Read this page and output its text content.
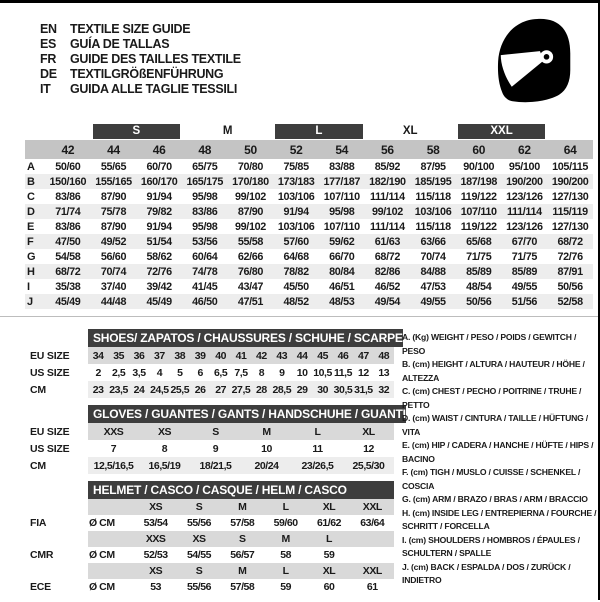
EN	TEXTILE SIZE GUIDE
ES	GUÍA DE TALLAS
FR	GUIDE DES TAILLES TEXTILE
DE	TEXTILGRÖßENFÜHRUNG
IT	GUIDA ALLE TAGLIE TESSILI

		S		M		L		XL		XXL		

	42	44	46	48	50	52	54	56	58	60	62	64
A	50/60	55/65	60/70	65/75	70/80	75/85	83/88	85/92	87/95	90/100	95/100	105/115
B	150/160	155/165	160/170	165/175	170/180	173/183	177/187	182/190	185/195	187/198	190/200	190/200
C	83/86	87/90	91/94	95/98	99/102	103/106	107/110	111/114	115/118	119/122	123/126	127/130
D	71/74	75/78	79/82	83/86	87/90	91/94	95/98	99/102	103/106	107/110	111/114	115/119
E	83/86	87/90	91/94	95/98	99/102	103/106	107/110	111/114	115/118	119/122	123/126	127/130
F	47/50	49/52	51/54	53/56	55/58	57/60	59/62	61/63	63/66	65/68	67/70	68/72
G	54/58	56/60	58/62	60/64	62/66	64/68	66/70	68/72	70/74	71/75	71/75	72/76
H	68/72	70/74	72/76	74/78	76/80	78/82	80/84	82/86	84/88	85/89	85/89	87/91
I	35/38	37/40	39/42	41/45	43/47	45/50	46/51	46/52	47/53	48/54	49/55	50/56
J	45/49	44/48	45/49	46/50	47/51	48/52	48/53	49/54	49/55	50/56	51/56	52/58
SHOES/ ZAPATOS / CHAUSSURES / SCHUHE / SCARPE
EU SIZE	34 35 36 37 38 39 40 41 42 43 44 45 46 47 48
US SIZE	2	2,5 3,5	4	5	6	6,5 7,5	8	9	10 10,5 11,5 12 13
CM	23 23,5 24 24,5 25,5 26 27 27,5 28 28,5 29 30 30,5 31,5 32
GLOVES / GUANTES / GANTS / HANDSCHUHE / GUANTI
EU SIZE	XXS	XS	S	M	L	XL
US SIZE	7	8	9	10	11	12
CM	12,5/16,5	16,5/19	18/21,5	20/24	23/26,5	25,5/30
HELMET / CASCO / CASQUE / HELM / CASCO
XS	S	M	L	XL	XXL
FIA	Ø CM	53/54	55/56	57/58	59/60	61/62	63/64
XXS	XS	S	M	L
CMR	Ø CM	52/53	54/55	56/57	58	59
XS	S	M	L	XL	XXL
ECE	Ø CM	53	55/56	57/58	59	60	61
A. (Kg) WEIGHT / PESO / POIDS / GEWITCH / PESO
B. (cm) HEIGHT / ALTURA / HAUTEUR / HÖHE / ALTEZZA
C. (cm) CHEST / PECHO / POITRINE / TRUHE / PETTO
D. (cm) WAIST / CINTURA / TAILLE / HÜFTUNG / VITA
E. (cm) HIP / CADERA / HANCHE / HÜFTE / HIPS / BACINO
F. (cm) TIGH / MUSLO / CUISSE / SCHENKEL / COSCIA
G. (cm) ARM / BRAZO / BRAS / ARM / BRACCIO
H. (cm) INSIDE LEG / ENTREPIERNA / FOURCHE / SCHRITT / FORCELLA
I. (cm) SHOULDERS / HOMBROS / ÉPAULES / SCHULTERN / SPALLE
J. (cm) BACK / ESPALDA / DOS / ZURÜCK / INDIETRO
